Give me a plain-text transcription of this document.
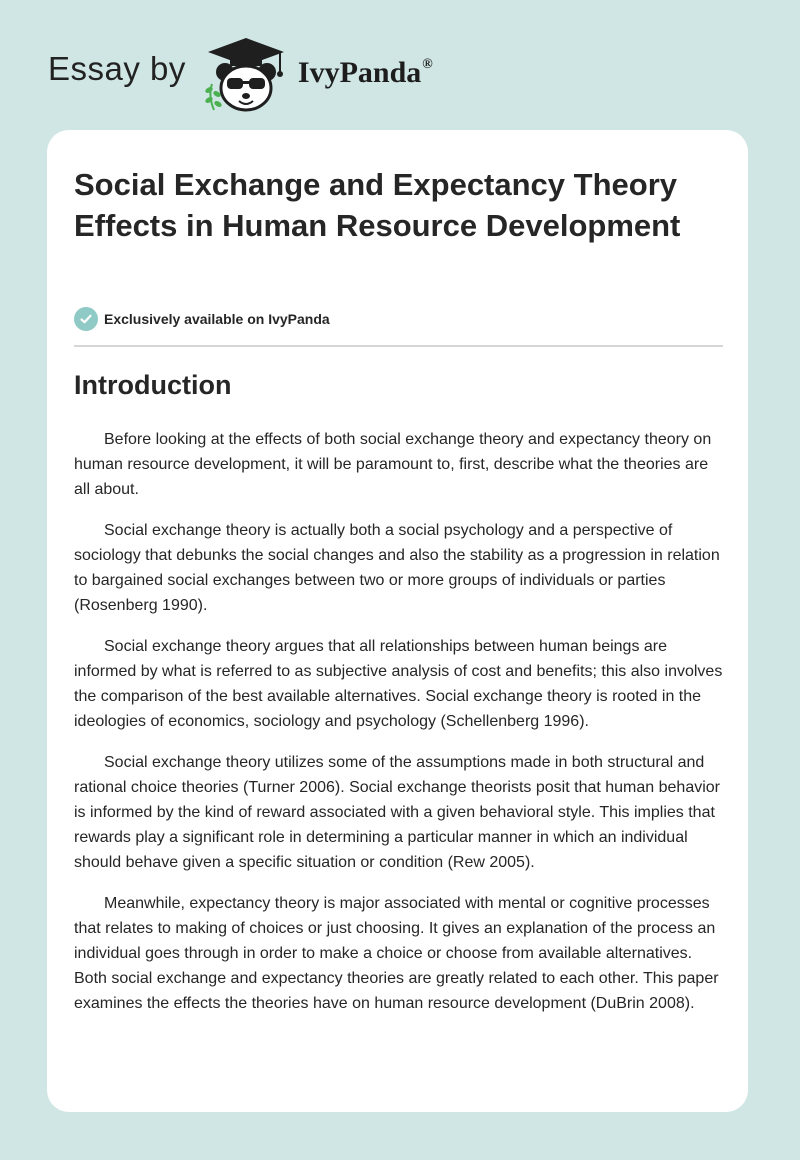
Essay by	IvyPanda®
Social Exchange and Expectancy Theory Effects in Human Resource Development
Exclusively available on IvyPanda
Introduction

Before looking at the effects of both social exchange theory and expectancy theory on human resource development, it will be paramount to, first, describe what the theories are all about.

Social exchange theory is actually both a social psychology and a perspective of sociology that debunks the social changes and also the stability as a progression in relation to bargained social exchanges between two or more groups of individuals or parties (Rosenberg 1990).

Social exchange theory argues that all relationships between human beings are informed by what is referred to as subjective analysis of cost and benefits; this also involves the comparison of the best available alternatives. Social exchange theory is rooted in the ideologies of economics, sociology and psychology (Schellenberg 1996).

Social exchange theory utilizes some of the assumptions made in both structural and rational choice theories (Turner 2006). Social exchange theorists posit that human behavior is informed by the kind of reward associated with a given behavioral style. This implies that rewards play a significant role in determining a particular manner in which an individual should behave given a specific situation or condition (Rew 2005).

Meanwhile, expectancy theory is major associated with mental or cognitive processes that relates to making of choices or just choosing. It gives an explanation of the process an individual goes through in order to make a choice or choose from available alternatives. Both social exchange and expectancy theories are greatly related to each other. This paper examines the effects the theories have on human resource development (DuBrin 2008).
